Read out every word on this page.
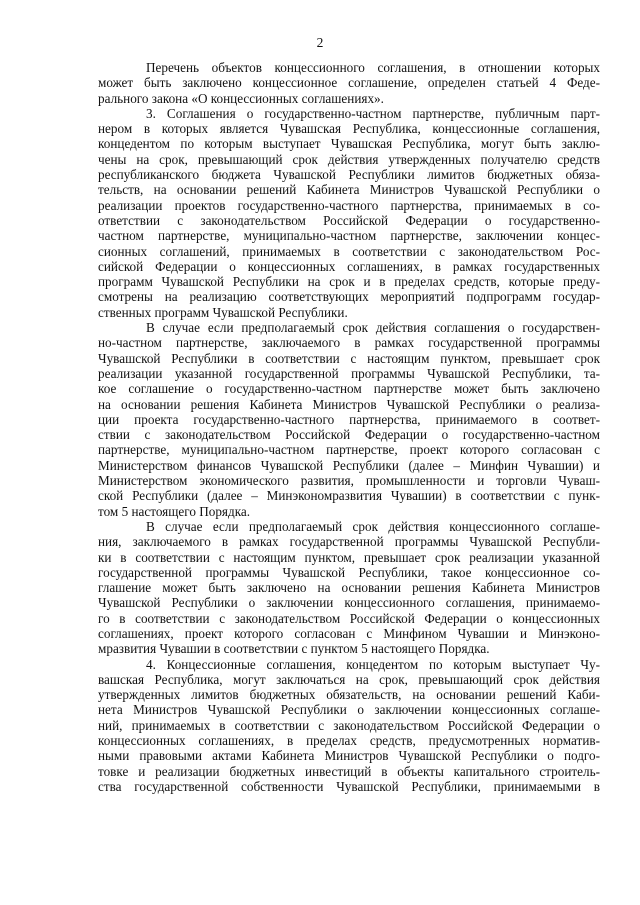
2
Перечень объектов концессионного соглашения, в отношении которых
может быть заключено концессионное соглашение, определен статьей 4 Феде-
рального закона «О концессионных соглашениях».
3. Соглашения о государственно-частном партнерстве, публичным парт-
нером в которых является Чувашская Республика, концессионные соглашения,
концедентом по которым выступает Чувашская Республика, могут быть заклю-
чены на срок, превышающий срок действия утвержденных получателю средств
республиканского бюджета Чувашской Республики лимитов бюджетных обяза-
тельств, на основании решений Кабинета Министров Чувашской Республики о
реализации проектов государственно-частного партнерства, принимаемых в со-
ответствии с законодательством Российской Федерации о государственно-
частном партнерстве, муниципально-частном партнерстве, заключении концес-
сионных соглашений, принимаемых в соответствии с законодательством Рос-
сийской Федерации о концессионных соглашениях, в рамках государственных
программ Чувашской Республики на срок и в пределах средств, которые преду-
смотрены на реализацию соответствующих мероприятий подпрограмм государ-
ственных программ Чувашской Республики.
В случае если предполагаемый срок действия соглашения о государствен-
но-частном партнерстве, заключаемого в рамках государственной программы
Чувашской Республики в соответствии с настоящим пунктом, превышает срок
реализации указанной государственной программы Чувашской Республики, та-
кое соглашение о государственно-частном партнерстве может быть заключено
на основании решения Кабинета Министров Чувашской Республики о реализа-
ции проекта государственно-частного партнерства, принимаемого в соответ-
ствии с законодательством Российской Федерации о государственно-частном
партнерстве, муниципально-частном партнерстве, проект которого согласован с
Министерством финансов Чувашской Республики (далее – Минфин Чувашии) и
Министерством экономического развития, промышленности и торговли Чуваш-
ской Республики (далее – Минэкономразвития Чувашии) в соответствии с пунк-
том 5 настоящего Порядка.
В случае если предполагаемый срок действия концессионного соглаше-
ния, заключаемого в рамках государственной программы Чувашской Республи-
ки в соответствии с настоящим пунктом, превышает срок реализации указанной
государственной программы Чувашской Республики, такое концессионное со-
глашение может быть заключено на основании решения Кабинета Министров
Чувашской Республики о заключении концессионного соглашения, принимаемо-
го в соответствии с законодательством Российской Федерации о концессионных
соглашениях, проект которого согласован с Минфином Чувашии и Минэконо-
мразвития Чувашии в соответствии с пунктом 5 настоящего Порядка.
4. Концессионные соглашения, концедентом по которым выступает Чу-
вашская Республика, могут заключаться на срок, превышающий срок действия
утвержденных лимитов бюджетных обязательств, на основании решений Каби-
нета Министров Чувашской Республики о заключении концессионных соглаше-
ний, принимаемых в соответствии с законодательством Российской Федерации о
концессионных соглашениях, в пределах средств, предусмотренных норматив-
ными правовыми актами Кабинета Министров Чувашской Республики о подго-
товке и реализации бюджетных инвестиций в объекты капитального строитель-
ства государственной собственности Чувашской Республики, принимаемыми в
